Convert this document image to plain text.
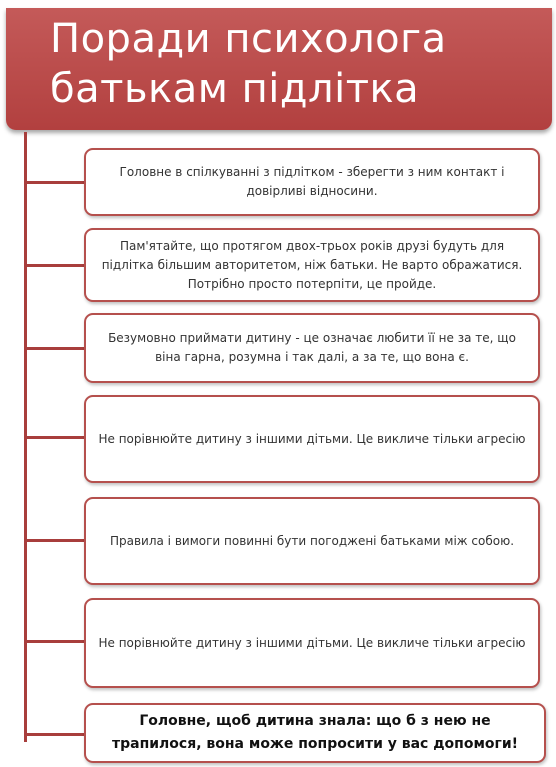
Поради психолога
батькам підлітка
Головне в спілкуванні з підлітком - зберегти з ним контакт і довірливі відносини.
Пам'ятайте, що протягом двох-трьох років друзі будуть для підлітка більшим авторитетом, ніж батьки. Не варто ображатися. Потрібно просто потерпіти, це пройде.
Безумовно приймати дитину - це означає любити її не за те, що віна гарна, розумна і так далі, а за те, що вона є.
Не порівнюйте дитину з іншими дітьми. Це викличе тільки агресію
Правила і вимоги повинні бути погоджені батьками між собою.
Не порівнюйте дитину з іншими дітьми. Це викличе тільки агресію
Головне, щоб дитина знала: що б з нею не трапилося, вона може попросити у вас допомоги!
